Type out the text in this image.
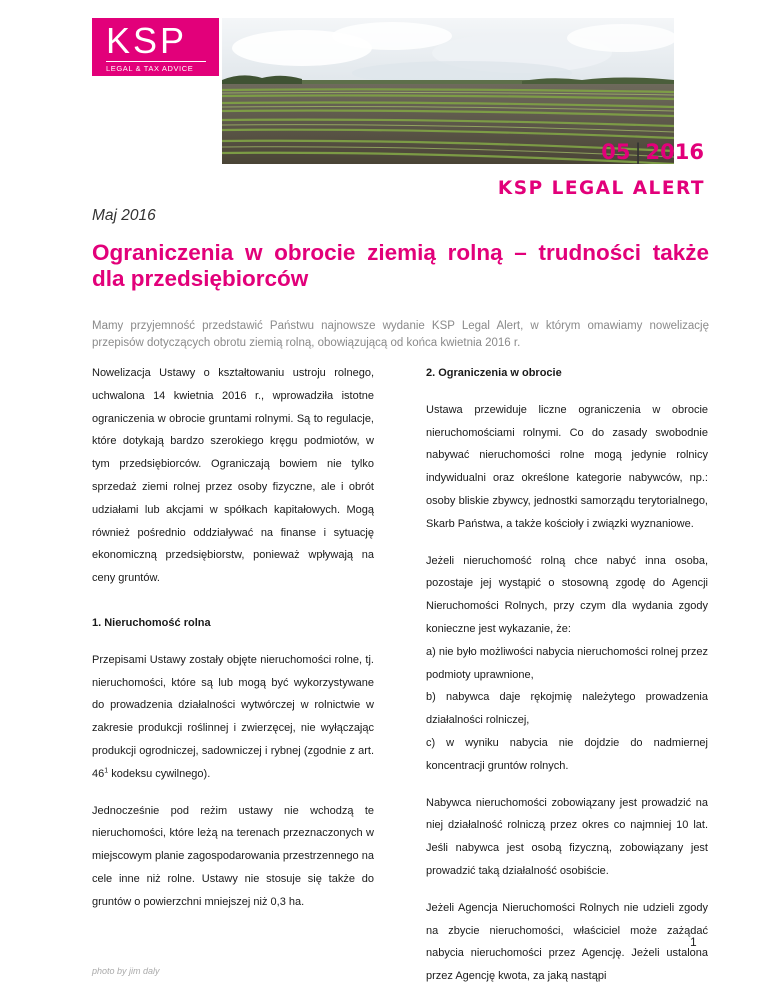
KSP
LEGAL & TAX ADVICE
05 | 2016
KSP LEGAL ALERT
Maj 2016
Ograniczenia w obrocie ziemią rolną – trudności także dla przedsiębiorców
Mamy przyjemność przedstawić Państwu najnowsze wydanie KSP Legal Alert, w którym omawiamy nowelizację przepisów dotyczących obrotu ziemią rolną, obowiązującą od końca kwietnia 2016 r.

Nowelizacja Ustawy o kształtowaniu ustroju rolnego, uchwalona 14 kwietnia 2016 r., wprowadziła istotne ograniczenia w obrocie gruntami rolnymi. Są to regulacje, które dotykają bardzo szerokiego kręgu podmiotów, w tym przedsiębiorców. Ograniczają bowiem nie tylko sprzedaż ziemi rolnej przez osoby fizyczne, ale i obrót udziałami lub akcjami w spółkach kapitałowych. Mogą również pośrednio oddziaływać na finanse i sytuację ekonomiczną przedsiębiorstw, ponieważ wpływają na ceny gruntów.

1. Nieruchomość rolna

Przepisami Ustawy zostały objęte nieruchomości rolne, tj. nieruchomości, które są lub mogą być wykorzystywane do prowadzenia działalności wytwórczej w rolnictwie w zakresie produkcji roślinnej i zwierzęcej, nie wyłączając produkcji ogrodniczej, sadowniczej i rybnej (zgodnie z art. $46^1$ kodeksu cywilnego).

Jednocześnie pod reżim ustawy nie wchodzą te nieruchomości, które leżą na terenach przeznaczonych w miejscowym planie zagospodarowania przestrzennego na cele inne niż rolne. Ustawy nie stosuje się także do gruntów o powierzchni mniejszej niż 0,3 ha.

2. Ograniczenia w obrocie

Ustawa przewiduje liczne ograniczenia w obrocie nieruchomościami rolnymi. Co do zasady swobodnie nabywać nieruchomości rolne mogą jedynie rolnicy indywidualni oraz określone kategorie nabywców, np.: osoby bliskie zbywcy, jednostki samorządu terytorialnego, Skarb Państwa, a także kościoły i związki wyznaniowe.

Jeżeli nieruchomość rolną chce nabyć inna osoba, pozostaje jej wystąpić o stosowną zgodę do Agencji Nieruchomości Rolnych, przy czym dla wydania zgody konieczne jest wykazanie, że:

a) nie było możliwości nabycia nieruchomości rolnej przez podmioty uprawnione,

b) nabywca daje rękojmię należytego prowadzenia działalności rolniczej,

c) w wyniku nabycia nie dojdzie do nadmiernej koncentracji gruntów rolnych.

Nabywca nieruchomości zobowiązany jest prowadzić na niej działalność rolniczą przez okres co najmniej 10 lat. Jeśli nabywca jest osobą fizyczną, zobowiązany jest prowadzić taką działalność osobiście.

Jeżeli Agencja Nieruchomości Rolnych nie udzieli zgody na zbycie nieruchomości, właściciel może zażądać nabycia nieruchomości przez Agencję. Jeżeli ustalona przez Agencję kwota, za jaką nastąpi

1
photo by jim daly
